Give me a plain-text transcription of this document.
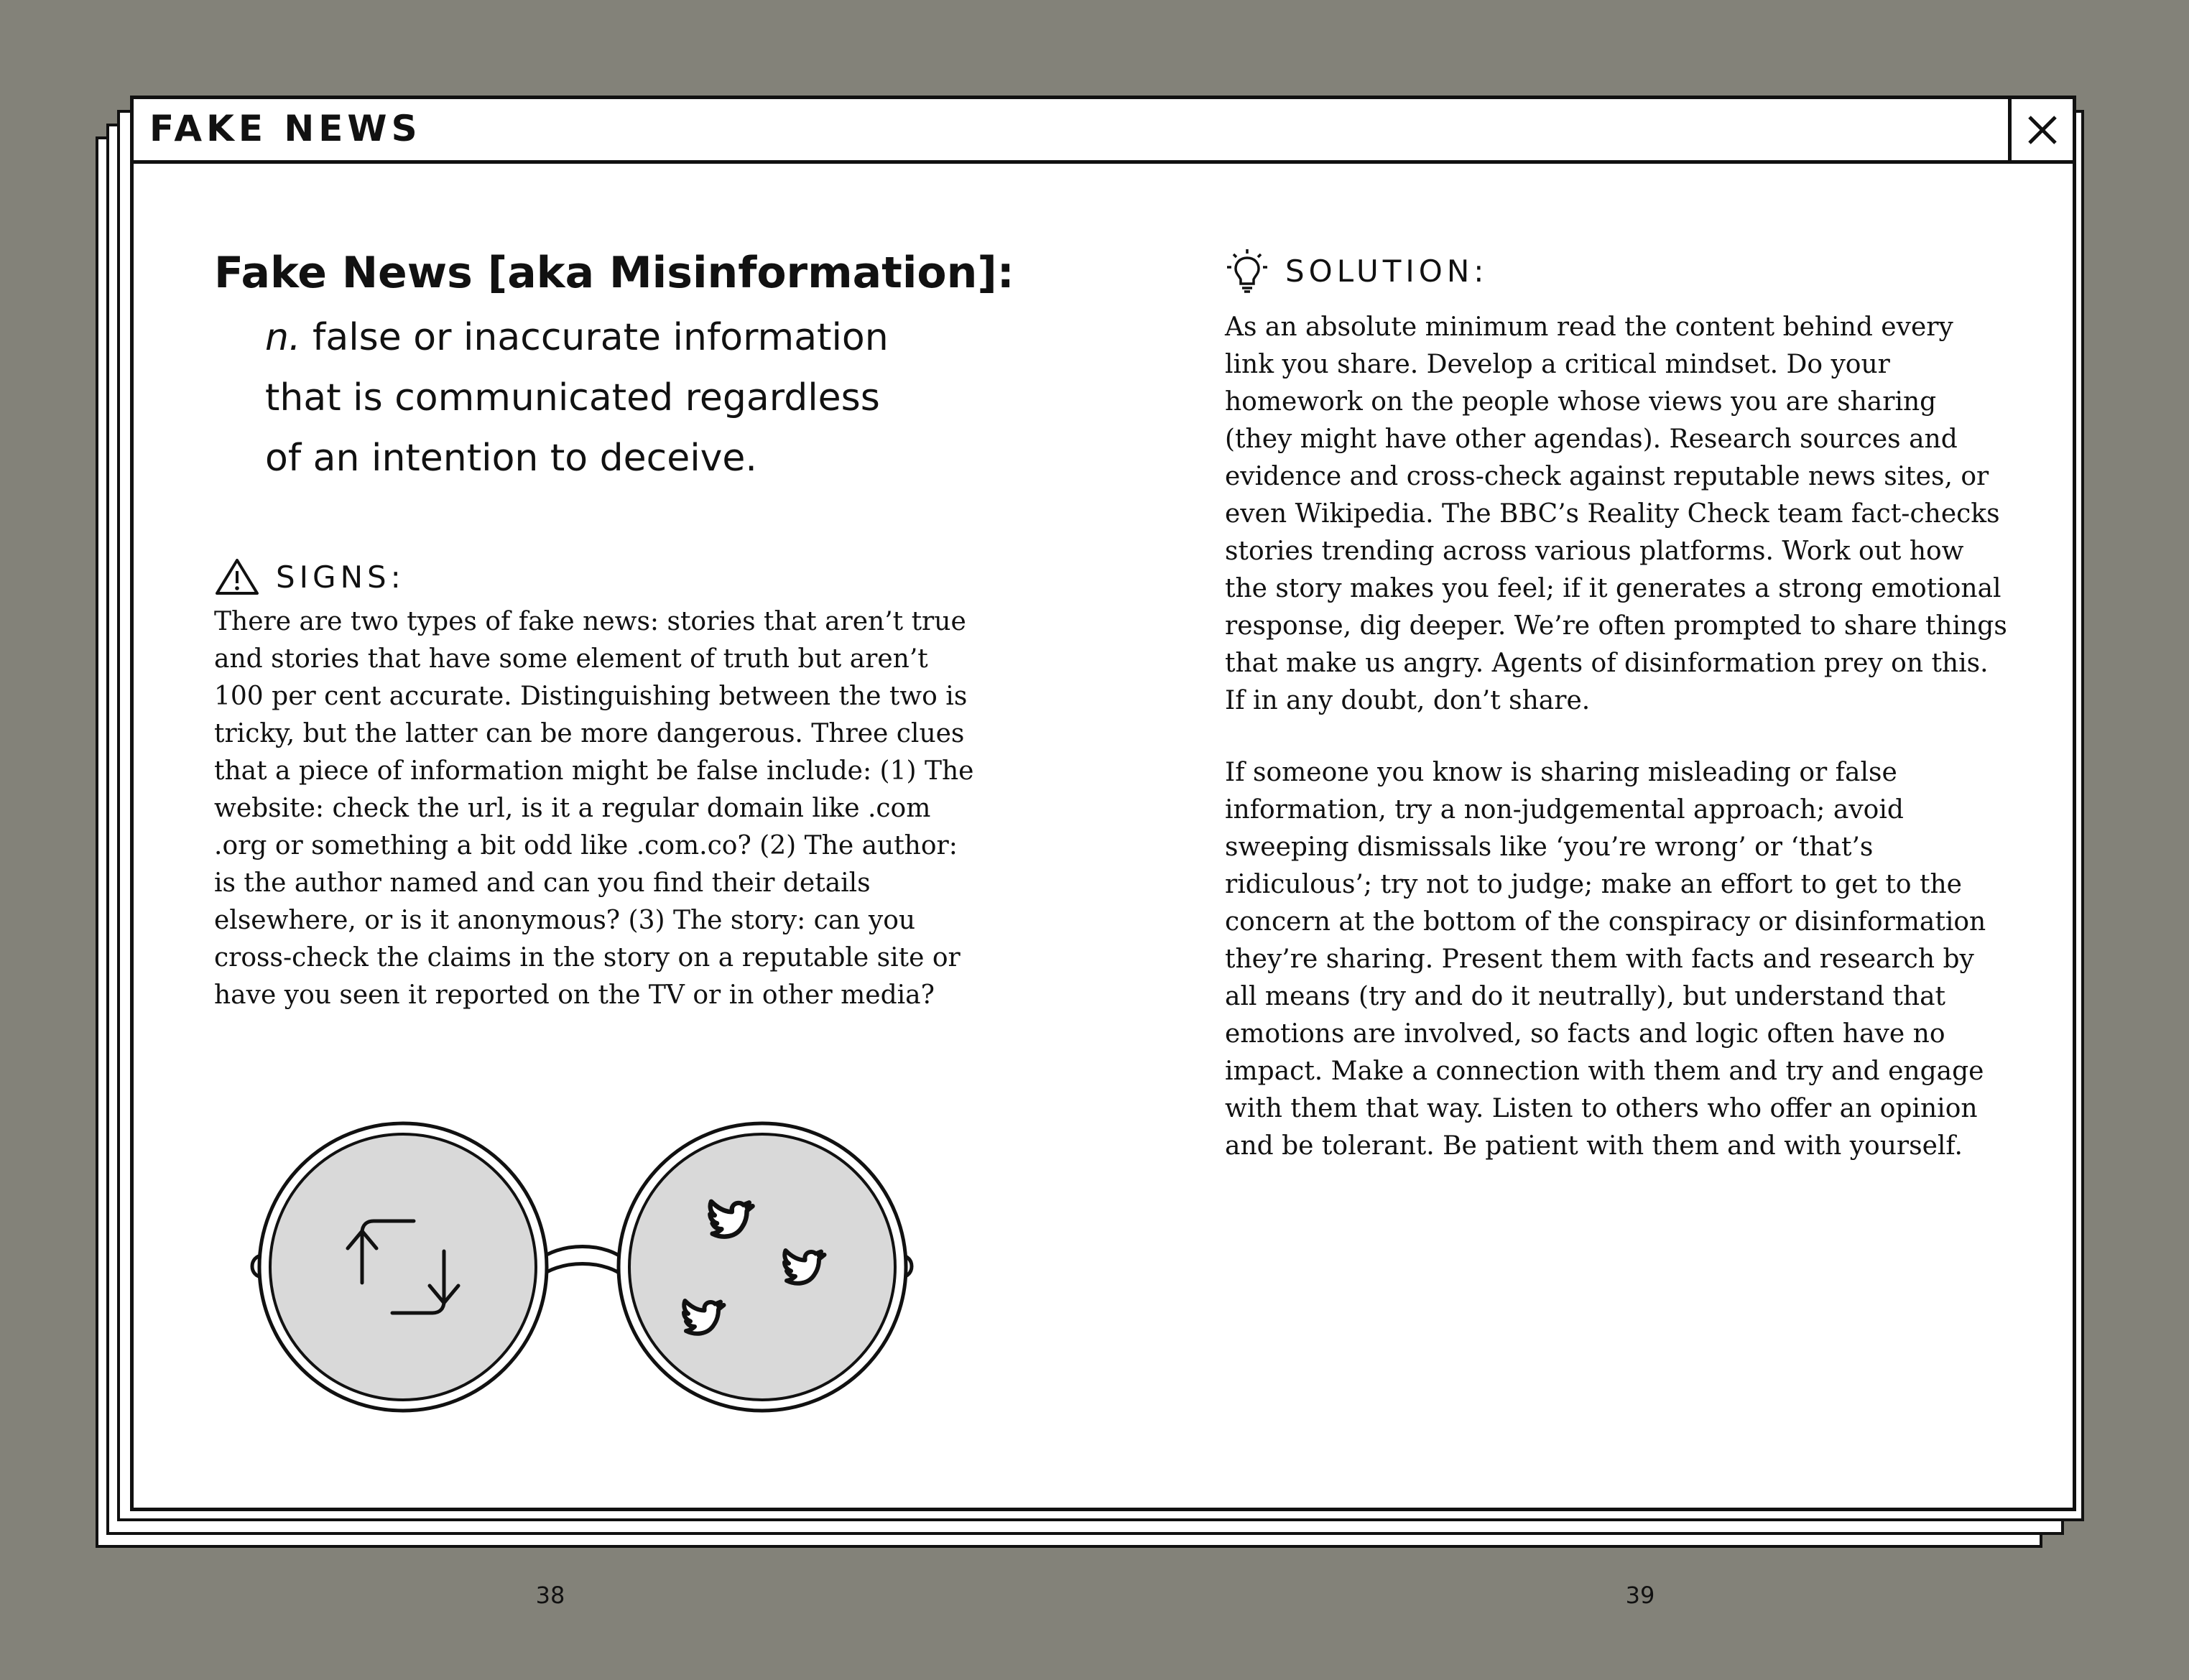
FAKE NEWS
Fake News [aka Misinformation]:
n. false or inaccurate information that is communicated regardless of an intention to deceive.
SIGNS:

There are two types of fake news: stories that aren’t true and stories that have some element of truth but aren’t 100 per cent accurate. Distinguishing between the two is tricky, but the latter can be more dangerous. Three clues that a piece of information might be false include: (1) The website: check the url, is it a regular domain like .com .org or something a bit odd like .com.co? (2) The author: is the author named and can you find their details elsewhere, or is it anonymous? (3) The story: can you cross-check the claims in the story on a reputable site or have you seen it reported on the TV or in other media?

SOLUTION:

As an absolute minimum read the content behind every link you share. Develop a critical mindset. Do your homework on the people whose views you are sharing (they might have other agendas). Research sources and evidence and cross-check against reputable news sites, or even Wikipedia. The BBC’s Reality Check team fact-checks stories trending across various platforms. Work out how the story makes you feel; if it generates a strong emotional response, dig deeper. We’re often prompted to share things that make us angry. Agents of disinformation prey on this. If in any doubt, don’t share.

If someone you know is sharing misleading or false information, try a non-judgemental approach; avoid sweeping dismissals like ‘you’re wrong’ or ‘that’s ridiculous’; try not to judge; make an effort to get to the concern at the bottom of the conspiracy or disinformation they’re sharing. Present them with facts and research by all means (try and do it neutrally), but understand that emotions are involved, so facts and logic often have no impact. Make a connection with them and try and engage with them that way. Listen to others who offer an opinion and be tolerant. Be patient with them and with yourself.

38	39
